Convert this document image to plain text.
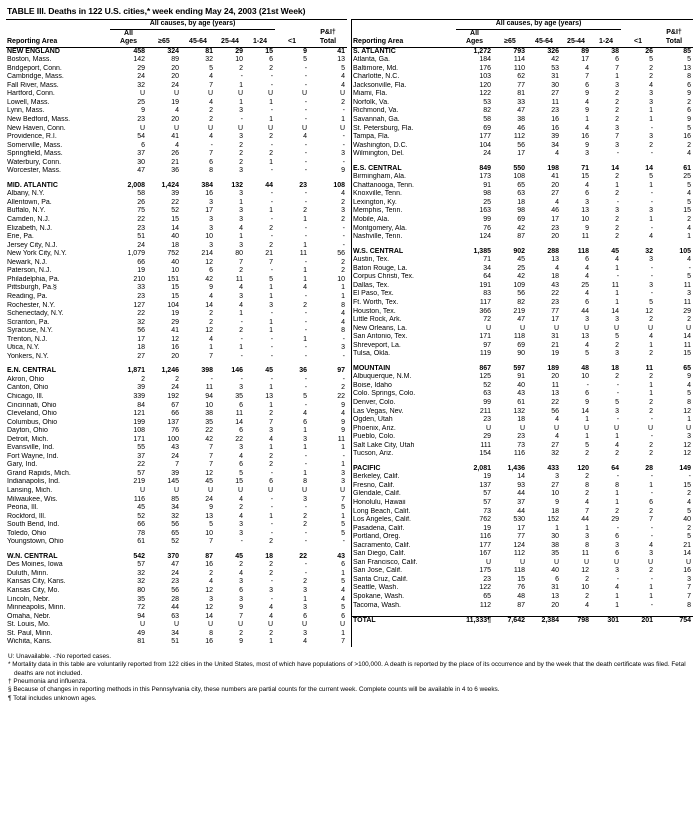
TABLE III. Deaths in 122 U.S. cities,* week ending May 24, 2003 (21st Week)
	All causes, by age (years)	
Reporting Area	All						P&I†
Ages	≥65	45-64	25-44	1-24	<1	Total
NEW ENGLAND	458	324	81	29	15	9	41
Boston, Mass.	142	89	32	10	6	5	13
Bridgeport, Conn.	29	20	5	2	2	-	5
Cambridge, Mass.	24	20	4	-	-	-	4
Fall River, Mass.	32	24	7	1	-	-	4
Hartford, Conn.	U	U	U	U	U	U	U
Lowell, Mass.	25	19	4	1	1	-	2
Lynn, Mass.	9	4	2	3	-	-	-
New Bedford, Mass.	23	20	2	-	1	-	1
New Haven, Conn.	U	U	U	U	U	U	U
Providence, R.I.	54	41	4	3	2	4	-
Somerville, Mass.	6	4	-	2	-	-	-
Springfield, Mass.	37	26	7	2	2	-	3
Waterbury, Conn.	30	21	6	2	1	-	-
Worcester, Mass.	47	36	8	3	-	-	9

MID. ATLANTIC	2,008	1,424	384	132	44	23	108
Albany, N.Y.	58	39	16	3	-	-	4
Allentown, Pa.	26	22	3	1	-	-	2
Buffalo, N.Y.	75	52	17	3	1	2	3
Camden, N.J.	22	15	3	3	-	1	2
Elizabeth, N.J.	23	14	3	4	2	-	-
Erie, Pa.	51	40	10	1	-	-	-
Jersey City, N.J.	24	18	3	3	2	1	-
New York City, N.Y.	1,079	752	214	80	21	11	56
Newark, N.J.	66	40	12	7	7	-	2
Paterson, N.J.	19	10	6	2	-	1	2
Philadelphia, Pa.	210	151	42	11	5	1	10
Pittsburgh, Pa.§	33	15	9	4	1	4	1
Reading, Pa.	23	15	4	3	1	-	1
Rochester, N.Y.	127	104	14	4	3	2	8
Schenectady, N.Y.	22	19	2	1	-	-	4
Scranton, Pa.	32	29	2	-	1	-	4
Syracuse, N.Y.	56	41	12	2	1	-	8
Trenton, N.J.	17	12	4	-	-	1	-
Utica, N.Y.	18	16	1	1	-	-	3
Yonkers, N.Y.	27	20	7	-	-	-	-

E.N. CENTRAL	1,871	1,246	398	146	45	36	97
Akron, Ohio	2	2	-	-	-	-	-
Canton, Ohio	39	24	11	3	1	-	2
Chicago, Ill.	339	192	94	35	13	5	22
Cincinnati, Ohio	84	67	10	6	1	-	9
Cleveland, Ohio	121	66	38	11	2	4	4
Columbus, Ohio	199	137	35	14	7	6	9
Dayton, Ohio	108	76	22	6	3	1	9
Detroit, Mich.	171	100	42	22	4	3	11
Evansville, Ind.	55	43	7	3	1	1	1
Fort Wayne, Ind.	37	24	7	4	2	-	-
Gary, Ind.	22	7	7	6	2	-	1
Grand Rapids, Mich.	57	39	12	5	-	1	3
Indianapolis, Ind.	219	145	45	15	6	8	3
Lansing, Mich.	U	U	U	U	U	U	U
Milwaukee, Wis.	116	85	24	4	-	3	7
Peoria, Ill.	45	34	9	2	-	-	5
Rockford, Ill.	52	32	13	4	1	2	1
South Bend, Ind.	66	56	5	3	-	2	5
Toledo, Ohio	78	65	10	3	-	-	5
Youngstown, Ohio	61	52	7	-	2	-	-

W.N. CENTRAL	542	370	87	45	18	22	43
Des Moines, Iowa	57	47	16	2	2	-	6
Duluth, Minn.	32	24	2	4	2	-	1
Kansas City, Kans.	32	23	4	3	-	2	5
Kansas City, Mo.	80	56	12	6	3	3	4
Lincoln, Nebr.	35	28	3	3	-	1	4
Minneapolis, Minn.	72	44	12	9	4	3	5
Omaha, Nebr.	94	63	14	7	4	6	6
St. Louis, Mo.	U	U	U	U	U	U	U
St. Paul, Minn.	49	34	8	2	2	3	1
Wichita, Kans.	81	51	16	9	1	4	7

	All causes, by age (years)	
Reporting Area	All						P&I†
Ages	≥65	45-64	25-44	1-24	<1	Total
S. ATLANTIC	1,272	793	326	89	38	26	85
Atlanta, Ga.	184	114	42	17	6	5	5
Baltimore, Md.	176	110	53	4	7	2	13
Charlotte, N.C.	103	62	31	7	1	2	8
Jacksonville, Fla.	120	77	30	6	3	4	6
Miami, Fla.	122	81	27	9	2	3	9
Norfolk, Va.	53	33	11	4	2	3	2
Richmond, Va.	82	47	23	9	2	1	6
Savannah, Ga.	58	38	16	1	2	1	9
St. Petersburg, Fla.	69	46	16	4	3	-	5
Tampa, Fla.	177	112	39	16	7	3	16
Washington, D.C.	104	56	34	9	3	2	2
Wilmington, Del.	24	17	4	3	-	-	4

E.S. CENTRAL	849	550	198	71	14	14	61
Birmingham, Ala.	173	108	41	15	2	5	25
Chattanooga, Tenn.	91	65	20	4	1	1	5
Knoxville, Tenn.	98	63	27	6	2	-	4
Lexington, Ky.	25	18	4	3	-	-	5
Memphis, Tenn.	163	98	46	13	3	3	15
Mobile, Ala.	99	69	17	10	2	1	2
Montgomery, Ala.	76	42	23	9	2	-	4
Nashville, Tenn.	124	87	20	11	2	4	1

W.S. CENTRAL	1,385	902	288	118	45	32	105
Austin, Tex.	71	45	13	6	4	3	4
Baton Rouge, La.	34	25	4	4	1	-	-
Corpus Christi, Tex.	64	42	18	4	-	-	5
Dallas, Tex.	191	109	43	25	11	3	11
El Paso, Tex.	83	56	22	4	1	-	3
Ft. Worth, Tex.	117	82	23	6	1	5	11
Houston, Tex.	366	219	77	44	14	12	29
Little Rock, Ark.	72	47	17	3	3	2	2
New Orleans, La.	U	U	U	U	U	U	U
San Antonio, Tex.	171	118	31	13	5	4	14
Shreveport, La.	97	69	21	4	2	1	11
Tulsa, Okla.	119	90	19	5	3	2	15

MOUNTAIN	867	597	189	48	18	11	65
Albuquerque, N.M.	125	91	20	10	2	2	9
Boise, Idaho	52	40	11	-	-	1	4
Colo. Springs, Colo.	63	43	13	6	-	1	5
Denver, Colo.	99	61	22	9	5	2	8
Las Vegas, Nev.	211	132	56	14	3	2	12
Ogden, Utah	23	18	4	1	-	-	1
Phoenix, Ariz.	U	U	U	U	U	U	U
Pueblo, Colo.	29	23	4	1	1	-	3
Salt Lake City, Utah	111	73	27	5	4	2	12
Tucson, Ariz.	154	116	32	2	2	2	12

PACIFIC	2,081	1,436	433	120	64	28	149
Berkeley, Calif.	19	14	3	2	-	-	-
Fresno, Calif.	137	93	27	8	8	1	15
Glendale, Calif.	57	44	10	2	1	-	2
Honolulu, Hawaii	57	37	9	4	1	6	4
Long Beach, Calif.	73	44	18	7	2	2	5
Los Angeles, Calif.	762	530	152	44	29	7	40
Pasadena, Calif.	19	17	1	1	-	-	2
Portland, Oreg.	116	77	30	3	6	-	5
Sacramento, Calif.	177	124	38	8	3	4	21
San Diego, Calif.	167	112	35	11	6	3	14
San Francisco, Calif.	U	U	U	U	U	U	U
San Jose, Calif.	175	118	40	12	3	2	16
Santa Cruz, Calif.	23	15	6	2	-	-	3
Seattle, Wash.	122	76	31	10	4	1	7
Spokane, Wash.	65	48	13	2	1	1	7
Tacoma, Wash.	112	87	20	4	1	-	8

TOTAL	11,333¶	7,642	2,384	798	301	201	754
U: Unavailable. -:No reported cases.
* Mortality data in this table are voluntarily reported from 122 cities in the United States, most of which have populations of >100,000. A death is reported by the place of its occurrence and by the week that the death certificate was filed. Fetal deaths are not included.
† Pneumonia and influenza.
§ Because of changes in reporting methods in this Pennsylvania city, these numbers are partial counts for the current week. Complete counts will be available in 4 to 6 weeks.
¶ Total includes unknown ages.
